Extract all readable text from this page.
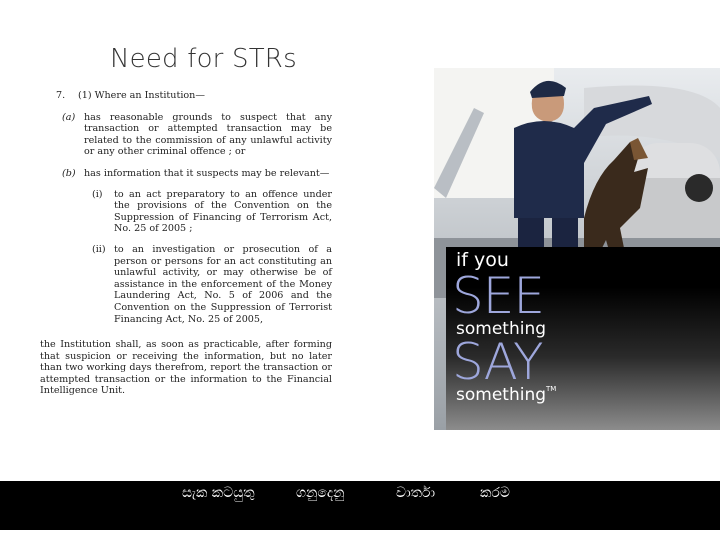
Need for STRs
7.	(1) Where an Institution—
(a) has reasonable grounds to suspect that any transaction or attempted transaction may be related to the commission of any unlawful activity or any other criminal offence ; or
(b) has information that it suspects may be relevant—
(i)	to an act preparatory to an offence under the provisions of the Convention on the Suppression of Financing of Terrorism Act, No. 25 of 2005 ;
(ii) to an investigation or prosecution of a person or persons for an act constituting an unlawful activity, or may otherwise be of assistance in the enforcement of the Money Laundering Act, No. 5 of 2006 and the Convention on the Suppression of Terrorist Financing Act, No. 25 of 2005,
the Institution shall, as soon as practicable, after forming that suspicion or receiving the information, but no later than two working days therefrom, report the transaction or attempted transaction or the information to the Financial Intelligence Unit.
if you
SEE
something
SAY
something™
සැක කටයුතු	ගනුදෙනු	වාර්තා	කරම
